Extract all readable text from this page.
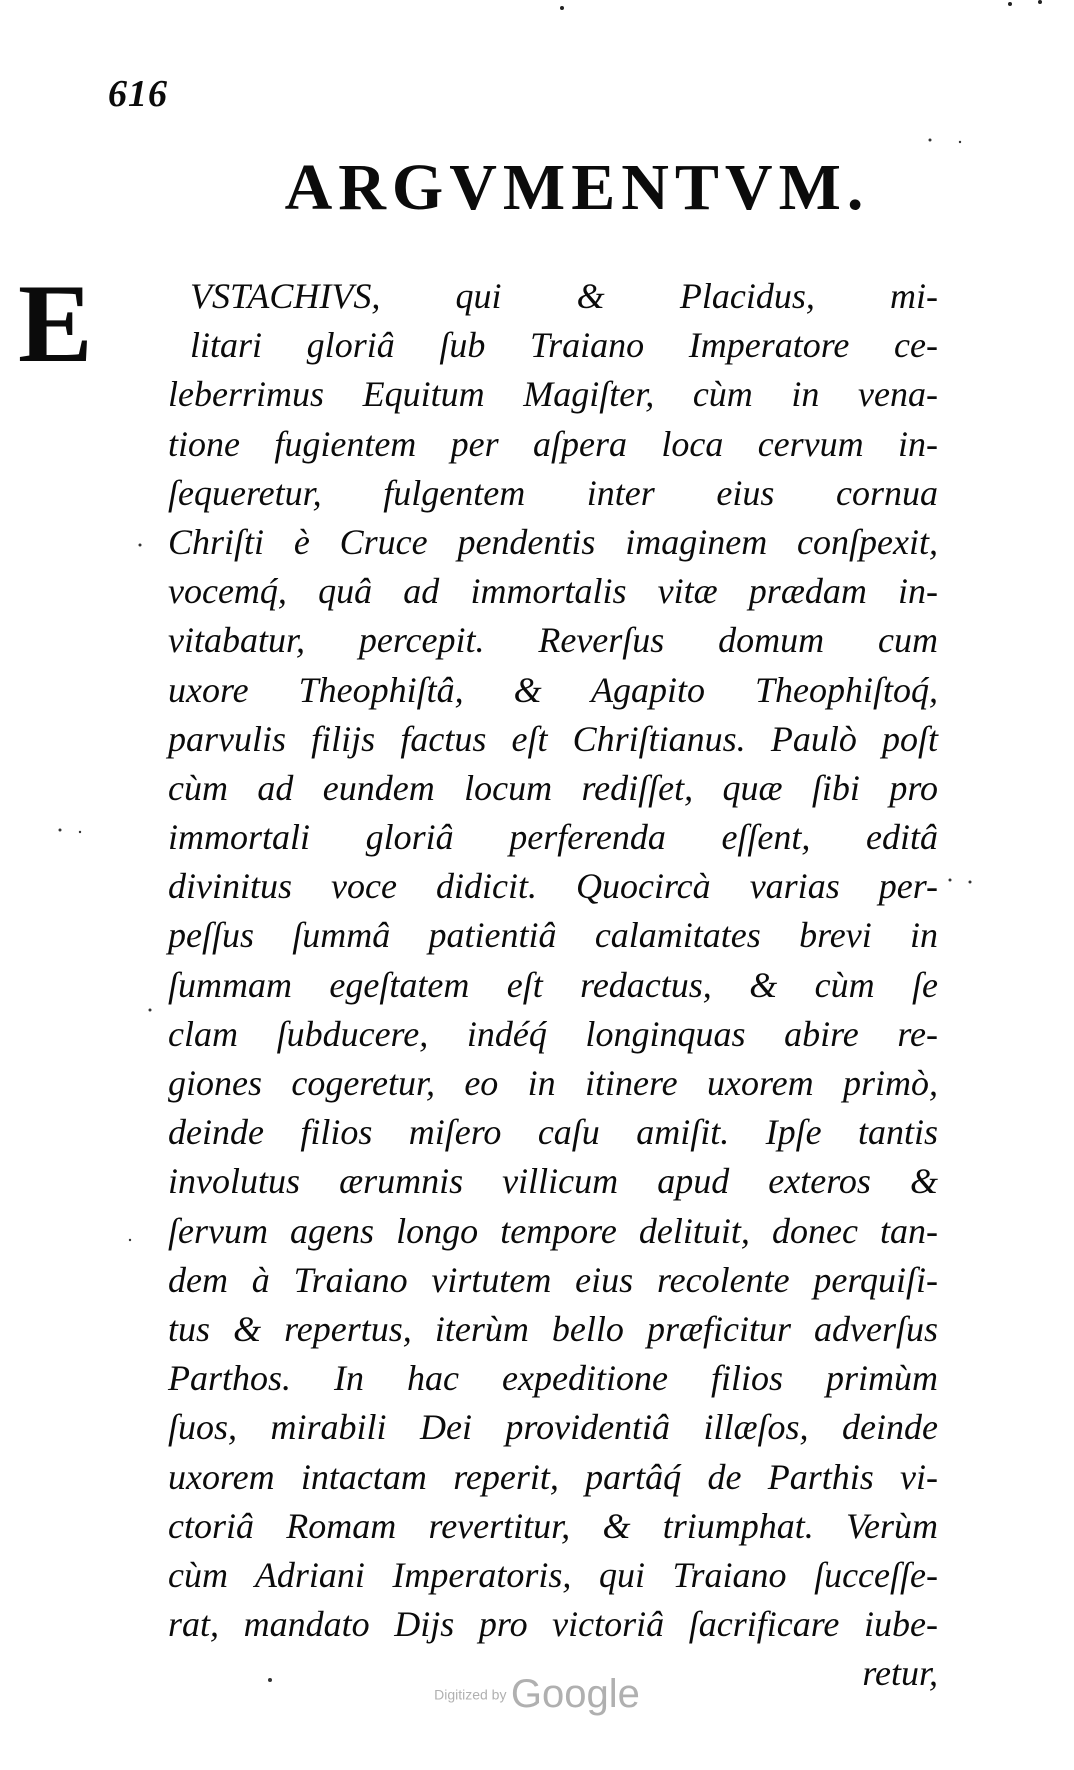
616
ARGVMENTVM.
E	VSTACHIVS, qui & Placidus, mi-
litari gloriâ ſub Traiano Imperatore ce-
leberrimus Equitum Magiſter, cùm in vena-
tione fugientem per aſpera loca cervum in-
ſequeretur, fulgentem inter eius cornua
Chriſti è Cruce pendentis imaginem conſpexit,
vocemq́, quâ ad immortalis vitæ prædam in-
vitabatur, percepit. Reverſus domum cum
uxore Theophiſtâ, & Agapito Theophiſtoq́,
parvulis filijs factus eſt Chriſtianus. Paulò poſt
cùm ad eundem locum rediſſet, quæ ſibi pro
immortali gloriâ perferenda eſſent, editâ
divinitus voce didicit. Quocircà varias per-
peſſus ſummâ patientiâ calamitates brevi in
ſummam egeſtatem eſt redactus, & cùm ſe
clam ſubducere, indéq́ longinquas abire re-
giones cogeretur, eo in itinere uxorem primò,
deinde filios miſero caſu amiſit. Ipſe tantis
involutus ærumnis villicum apud exteros &
ſervum agens longo tempore delituit, donec tan-
dem à Traiano virtutem eius recolente perquiſi-
tus & repertus, iterùm bello præficitur adverſus
Parthos. In hac expeditione filios primùm
ſuos, mirabili Dei providentiâ illæſos, deinde
uxorem intactam reperit, partâq́ de Parthis vi-
ctoriâ Romam revertitur, & triumphat. Verùm
cùm Adriani Imperatoris, qui Traiano ſucceſſe-
rat, mandato Dijs pro victoriâ ſacrificare iube-
retur,
Digitized by Google
